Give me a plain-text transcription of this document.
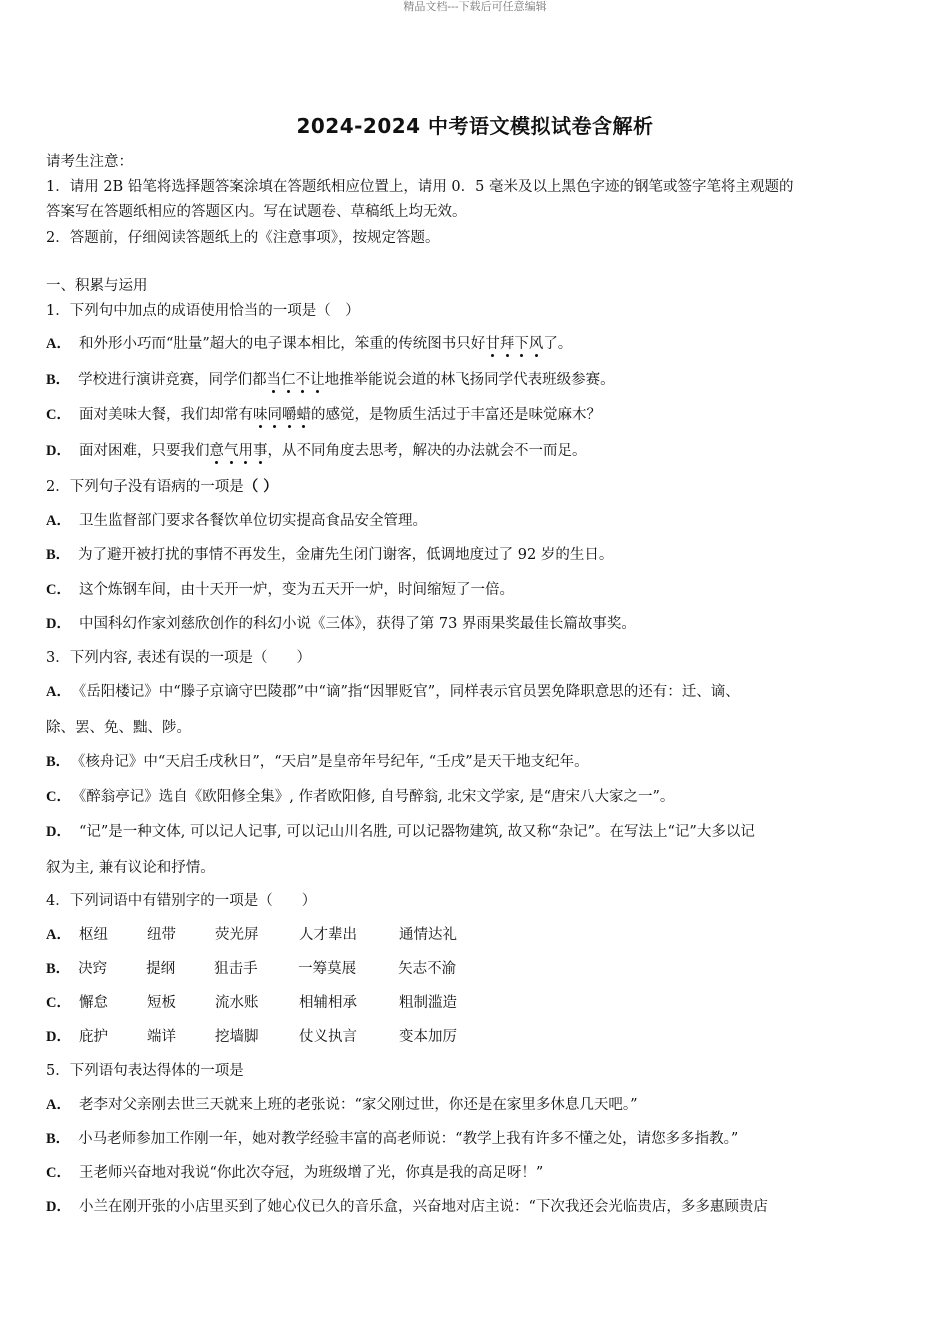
精品文档---下载后可任意编辑
2024-2024 中考语文模拟试卷含解析
请考生注意：
1．请用 2B 铅笔将选择题答案涂填在答题纸相应位置上，请用 0．5 毫米及以上黑色字迹的钢笔或签字笔将主观题的
答案写在答题纸相应的答题区内。写在试题卷、草稿纸上均无效。
2．答题前，仔细阅读答题纸上的《注意事项》，按规定答题。
一、积累与运用
1．下列句中加点的成语使用恰当的一项是（　）
A． 和外形小巧而“肚量”超大的电子课本相比，笨重的传统图书只好甘拜下风了。
B． 学校进行演讲竞赛，同学们都当仁不让地推举能说会道的林飞扬同学代表班级参赛。
C． 面对美味大餐，我们却常有味同嚼蜡的感觉，是物质生活过于丰富还是味觉麻木？
D． 面对困难，只要我们意气用事，从不同角度去思考，解决的办法就会不一而足。
2．下列句子没有语病的一项是（ ）
A． 卫生监督部门要求各餐饮单位切实提高食品安全管理。
B． 为了避开被打扰的事情不再发生，金庸先生闭门谢客，低调地度过了 92 岁的生日。
C． 这个炼钢车间，由十天开一炉，变为五天开一炉，时间缩短了一倍。
D． 中国科幻作家刘慈欣创作的科幻小说《三体》，获得了第 73 界雨果奖最佳长篇故事奖。
3．下列内容, 表述有误的一项是（　　）
A． 《岳阳楼记》中“滕子京谪守巴陵郡”中“谪”指“因罪贬官”，同样表示官员罢免降职意思的还有：迁、谪、
除、罢、免、黜、陟。
B． 《核舟记》中“天启壬戌秋日”，“天启”是皇帝年号纪年, “壬戌”是天干地支纪年。
C． 《醉翁亭记》选自《欧阳修全集》, 作者欧阳修, 自号醉翁, 北宋文学家, 是“唐宋八大家之一”。
D． “记”是一种文体, 可以记人记事, 可以记山川名胜, 可以记器物建筑, 故又称“杂记”。在写法上“记”大多以记
叙为主, 兼有议论和抒情。
4．下列词语中有错别字的一项是（　　）
A． 枢纽	纽带	荧光屏	人才辈出	通情达礼
B． 决窍	提纲	狙击手	一筹莫展	矢志不渝
C． 懈怠	短板	流水账	相辅相承	粗制滥造
D． 庇护	端详	挖墙脚	仗义执言	变本加厉
5．下列语句表达得体的一项是
A． 老李对父亲刚去世三天就来上班的老张说：“家父刚过世，你还是在家里多休息几天吧。”
B． 小马老师参加工作刚一年，她对教学经验丰富的高老师说：“教学上我有许多不懂之处，请您多多指教。”
C． 王老师兴奋地对我说“你此次夺冠，为班级增了光，你真是我的高足呀！”
D． 小兰在刚开张的小店里买到了她心仪已久的音乐盒，兴奋地对店主说：“下次我还会光临贵店，多多惠顾贵店
